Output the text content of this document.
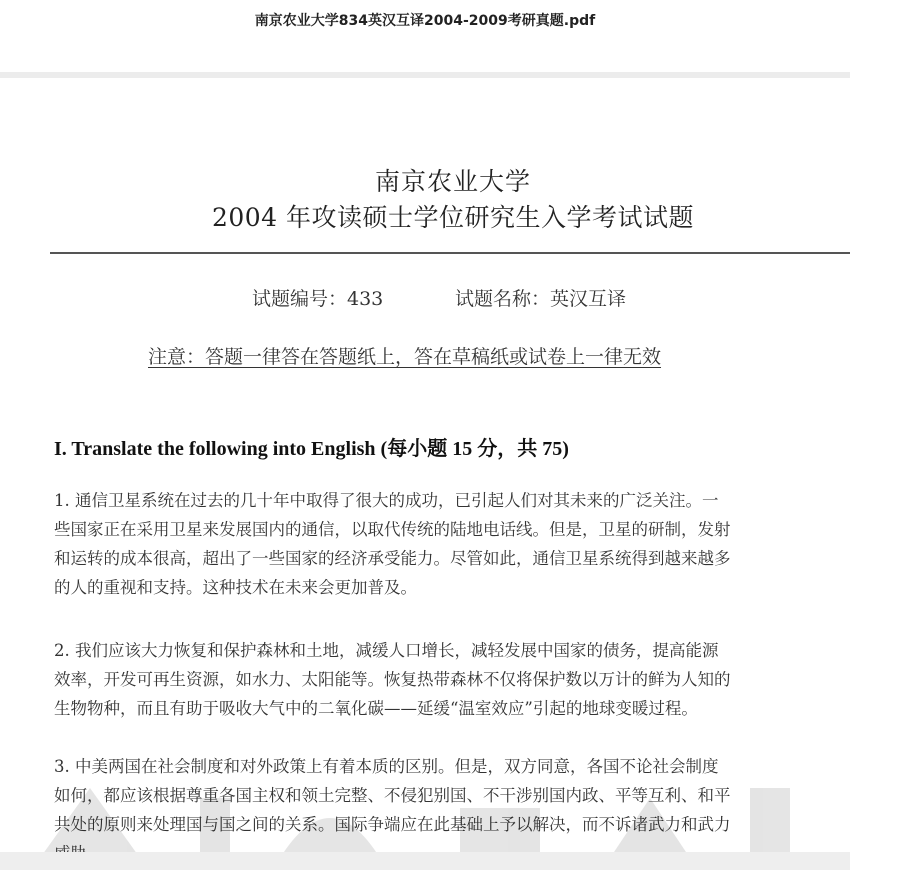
南京农业大学834英汉互译2004-2009考研真题.pdf
南京农业大学
2004 年攻读硕士学位研究生入学考试试题
试题编号：433	试题名称：英汉互译
注意：答题一律答在答题纸上，答在草稿纸或试卷上一律无效
I. Translate the following into English (每小题 15 分，共 75)
1. 通信卫星系统在过去的几十年中取得了很大的成功，已引起人们对其未来的广泛关注。一
些国家正在采用卫星来发展国内的通信，以取代传统的陆地电话线。但是，卫星的研制，发射
和运转的成本很高，超出了一些国家的经济承受能力。尽管如此，通信卫星系统得到越来越多
的人的重视和支持。这种技术在未来会更加普及。
2. 我们应该大力恢复和保护森林和土地，减缓人口增长，减轻发展中国家的债务，提高能源
效率，开发可再生资源，如水力、太阳能等。恢复热带森林不仅将保护数以万计的鲜为人知的
生物物种，而且有助于吸收大气中的二氧化碳——延缓“温室效应”引起的地球变暖过程。
3. 中美两国在社会制度和对外政策上有着本质的区别。但是，双方同意，各国不论社会制度
如何，都应该根据尊重各国主权和领土完整、不侵犯别国、不干涉别国内政、平等互利、和平
共处的原则来处理国与国之间的关系。国际争端应在此基础上予以解决，而不诉诸武力和武力
